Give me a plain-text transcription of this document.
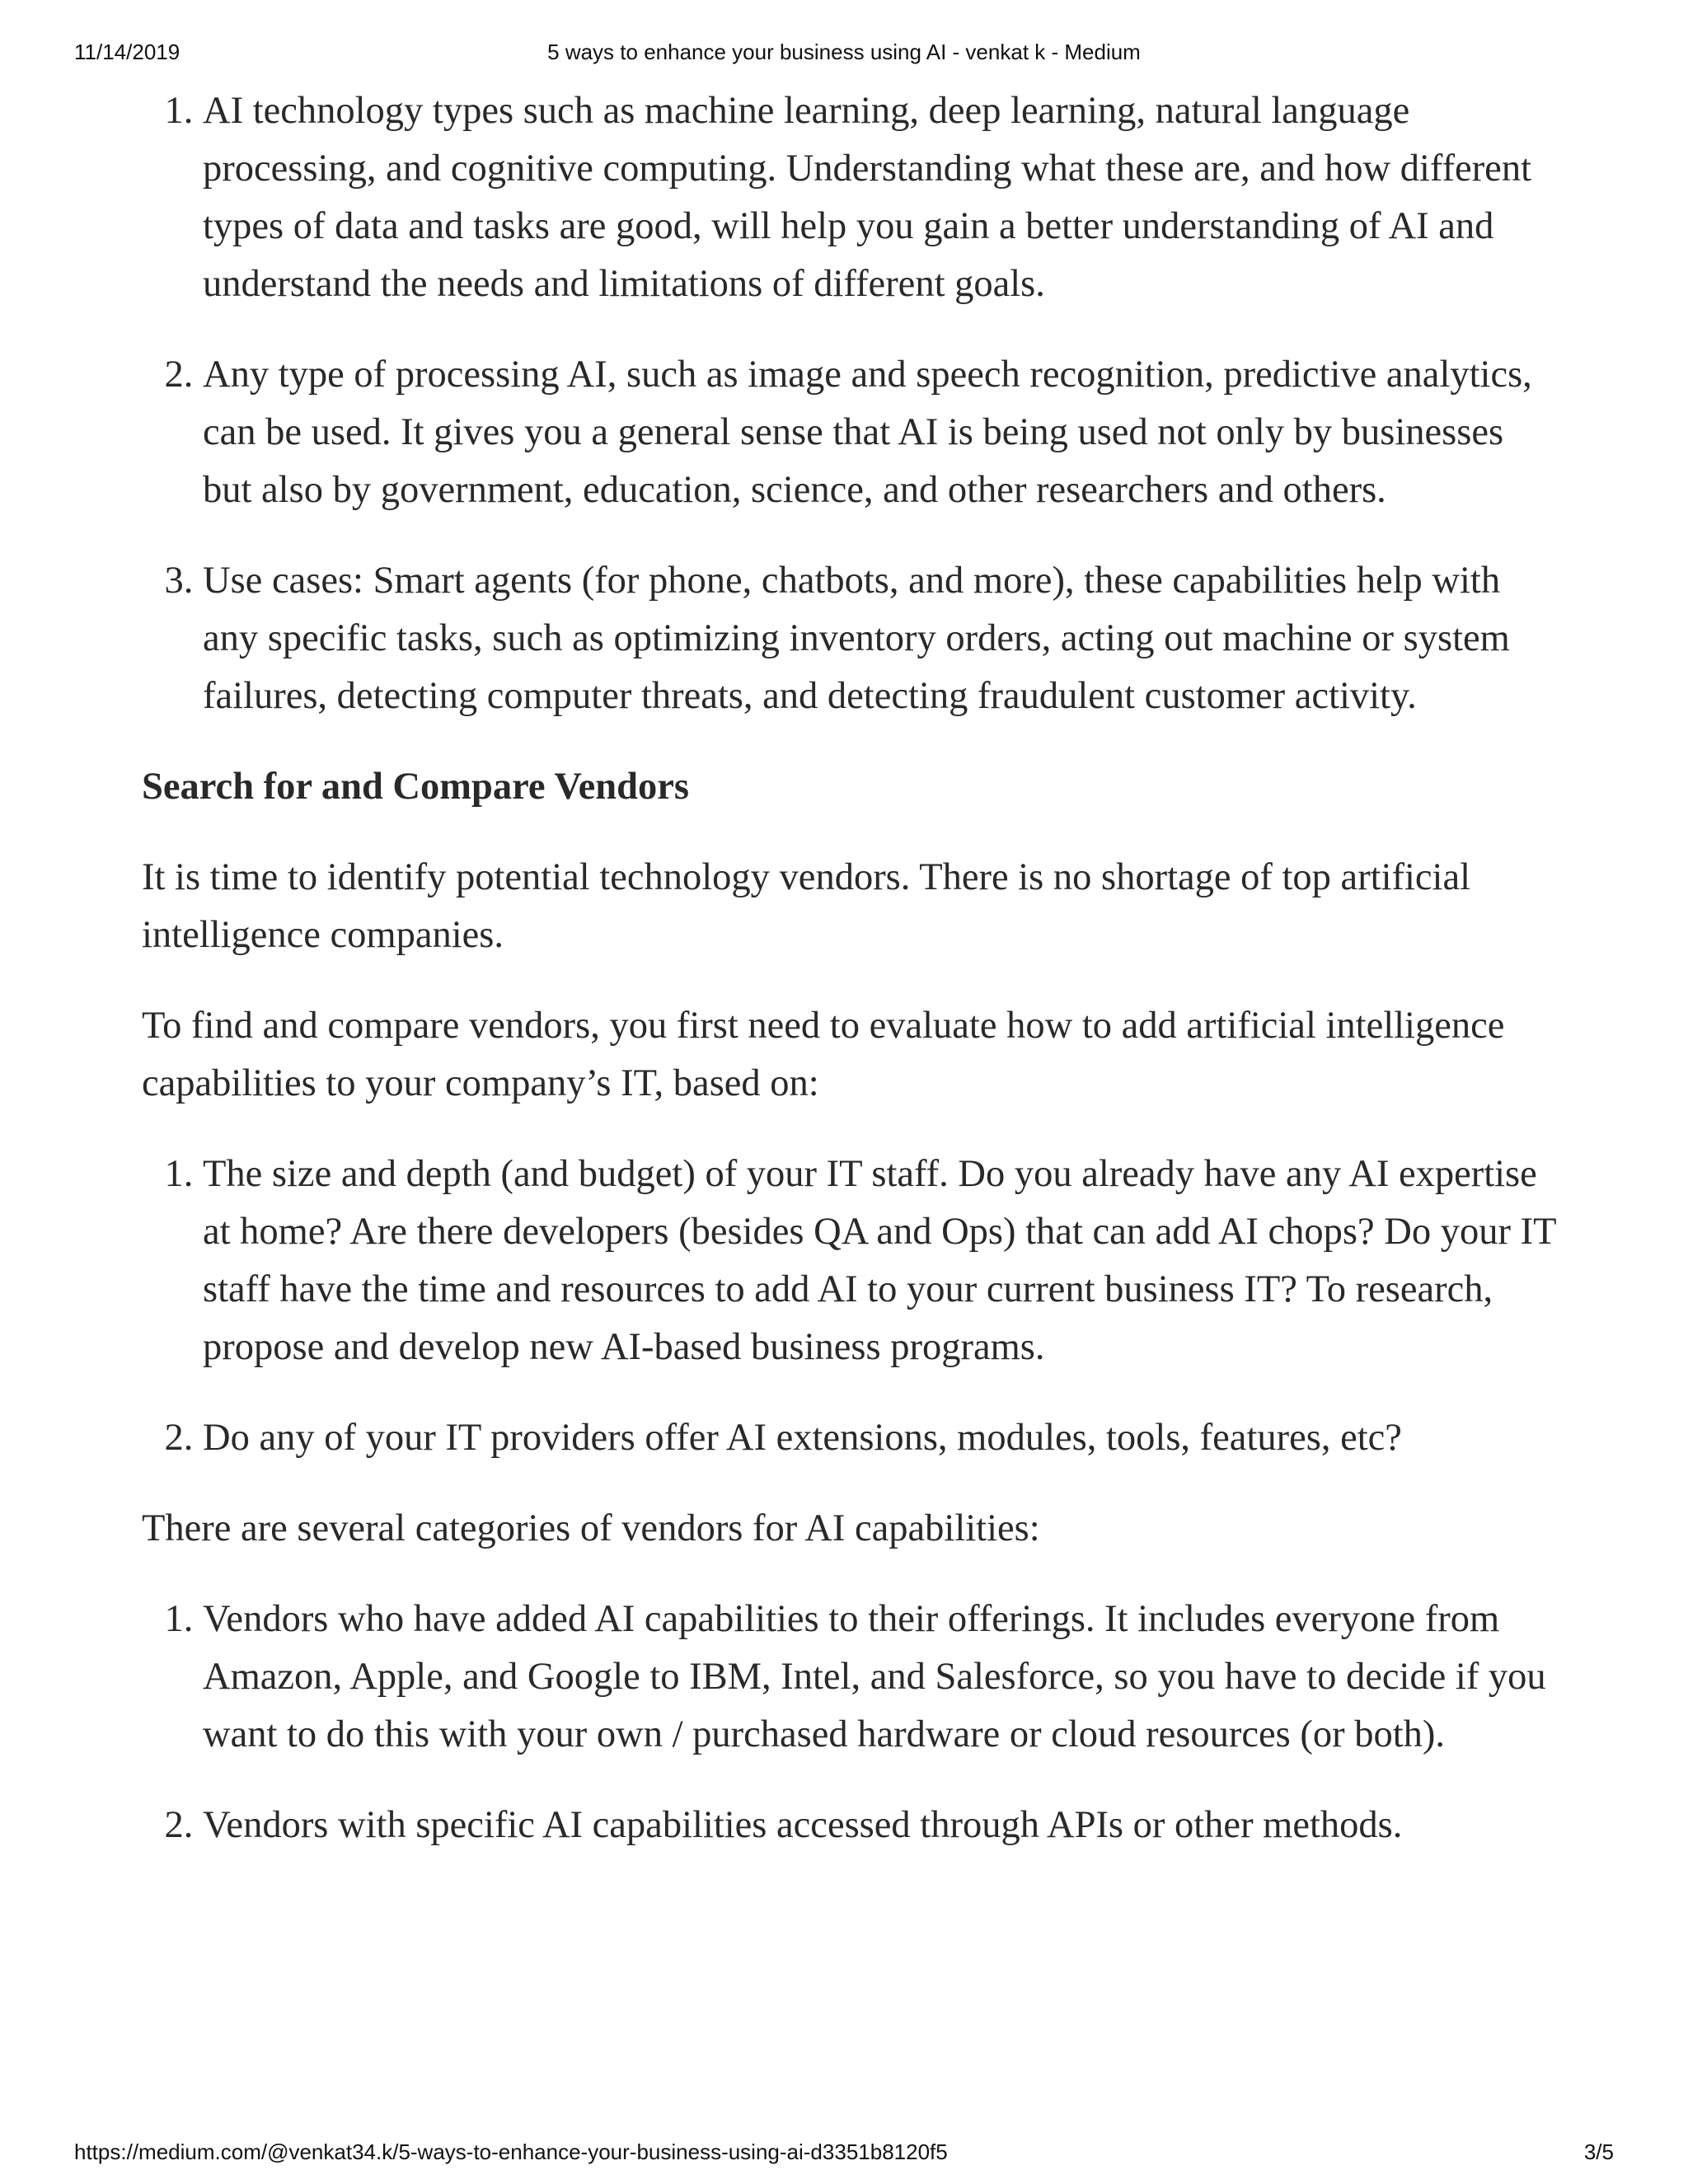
11/14/2019	5 ways to enhance your business using AI - venkat k - Medium
1. AI technology types such as machine learning, deep learning, natural language processing, and cognitive computing. Understanding what these are, and how different types of data and tasks are good, will help you gain a better understanding of AI and understand the needs and limitations of different goals.
2. Any type of processing AI, such as image and speech recognition, predictive analytics, can be used. It gives you a general sense that AI is being used not only by businesses but also by government, education, science, and other researchers and others.
3. Use cases: Smart agents (for phone, chatbots, and more), these capabilities help with any specific tasks, such as optimizing inventory orders, acting out machine or system failures, detecting computer threats, and detecting fraudulent customer activity.
Search for and Compare Vendors

It is time to identify potential technology vendors. There is no shortage of top artificial intelligence companies.

To find and compare vendors, you first need to evaluate how to add artificial intelligence capabilities to your company’s IT, based on:

1. The size and depth (and budget) of your IT staff. Do you already have any AI expertise at home? Are there developers (besides QA and Ops) that can add AI chops? Do your IT staff have the time and resources to add AI to your current business IT? To research, propose and develop new AI-based business programs.
2. Do any of your IT providers offer AI extensions, modules, tools, features, etc?

There are several categories of vendors for AI capabilities:

1. Vendors who have added AI capabilities to their offerings. It includes everyone from Amazon, Apple, and Google to IBM, Intel, and Salesforce, so you have to decide if you want to do this with your own / purchased hardware or cloud resources (or both).
2. Vendors with specific AI capabilities accessed through APIs or other methods.
https://medium.com/@venkat34.k/5-ways-to-enhance-your-business-using-ai-d3351b8120f5	3/5
